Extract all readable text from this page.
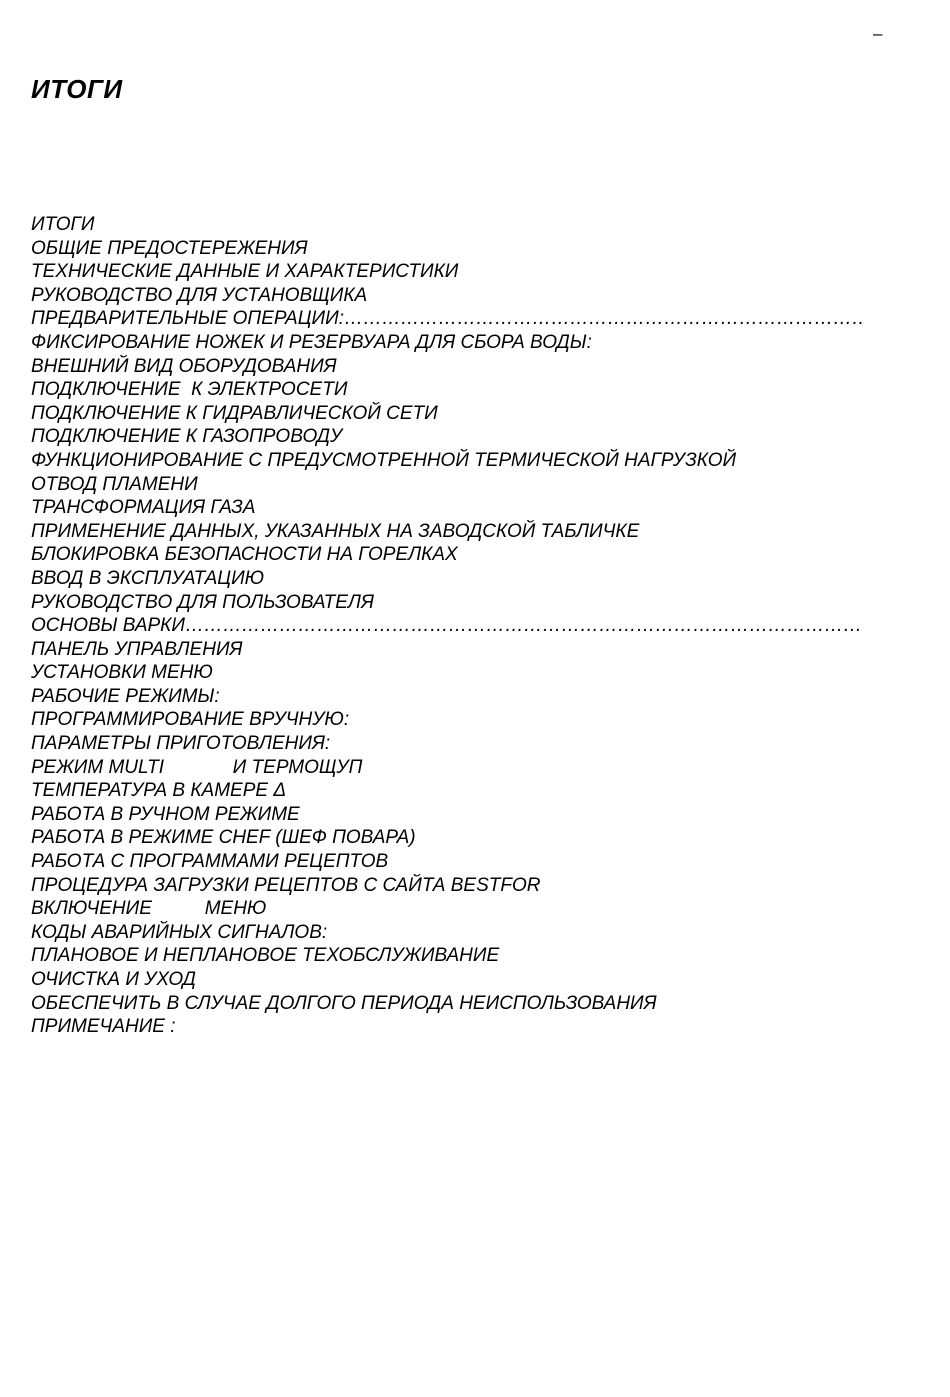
–
ИТОГИ
ИТОГИ
ОБЩИЕ ПРЕДОСТЕРЕЖЕНИЯ
ТЕХНИЧЕСКИЕ ДАННЫЕ И ХАРАКТЕРИСТИКИ
РУКОВОДСТВО ДЛЯ УСТАНОВЩИКА
ПРЕДВАРИТЕЛЬНЫЕ ОПЕРАЦИИ:………………………………………………………………………………………………
ФИКСИРОВАНИЕ НОЖЕК И РЕЗЕРВУАРА ДЛЯ СБОРА ВОДЫ:
ВНЕШНИЙ ВИД ОБОРУДОВАНИЯ
ПОДКЛЮЧЕНИЕ  К ЭЛЕКТРОСЕТИ
ПОДКЛЮЧЕНИЕ К ГИДРАВЛИЧЕСКОЙ СЕТИ
ПОДКЛЮЧЕНИЕ К ГАЗОПРОВОДУ
ФУНКЦИОНИРОВАНИЕ С ПРЕДУСМОТРЕННОЙ ТЕРМИЧЕСКОЙ НАГРУЗКОЙ
ОТВОД ПЛАМЕНИ
ТРАНСФОРМАЦИЯ ГАЗА
ПРИМЕНЕНИЕ ДАННЫХ, УКАЗАННЫХ НА ЗАВОДСКОЙ ТАБЛИЧКЕ
БЛОКИРОВКА БЕЗОПАСНОСТИ НА ГОРЕЛКАХ
ВВОД В ЭКСПЛУАТАЦИЮ
РУКОВОДСТВО ДЛЯ ПОЛЬЗОВАТЕЛЯ
ОСНОВЫ ВАРКИ………………………………………………………………………………………………
ПАНЕЛЬ УПРАВЛЕНИЯ
УСТАНОВКИ МЕНЮ
РАБОЧИЕ РЕЖИМЫ:
ПРОГРАММИРОВАНИЕ ВРУЧНУЮ:
ПАРАМЕТРЫ ПРИГОТОВЛЕНИЯ:
РЕЖИМ MULTI             И ТЕРМОЩУП
ТЕМПЕРАТУРА В КАМЕРЕ Δ
РАБОТА В РУЧНОМ РЕЖИМЕ
РАБОТА В РЕЖИМЕ CHEF (ШЕФ ПОВАРА)
РАБОТА С ПРОГРАММАМИ РЕЦЕПТОВ
ПРОЦЕДУРА ЗАГРУЗКИ РЕЦЕПТОВ С САЙТА BESTFOR
ВКЛЮЧЕНИЕ          МЕНЮ
КОДЫ АВАРИЙНЫХ СИГНАЛОВ:
ПЛАНОВОЕ И НЕПЛАНОВОЕ ТЕХОБСЛУЖИВАНИЕ
ОЧИСТКА И УХОД
ОБЕСПЕЧИТЬ В СЛУЧАЕ ДОЛГОГО ПЕРИОДА НЕИСПОЛЬЗОВАНИЯ
ПРИМЕЧАНИЕ :
